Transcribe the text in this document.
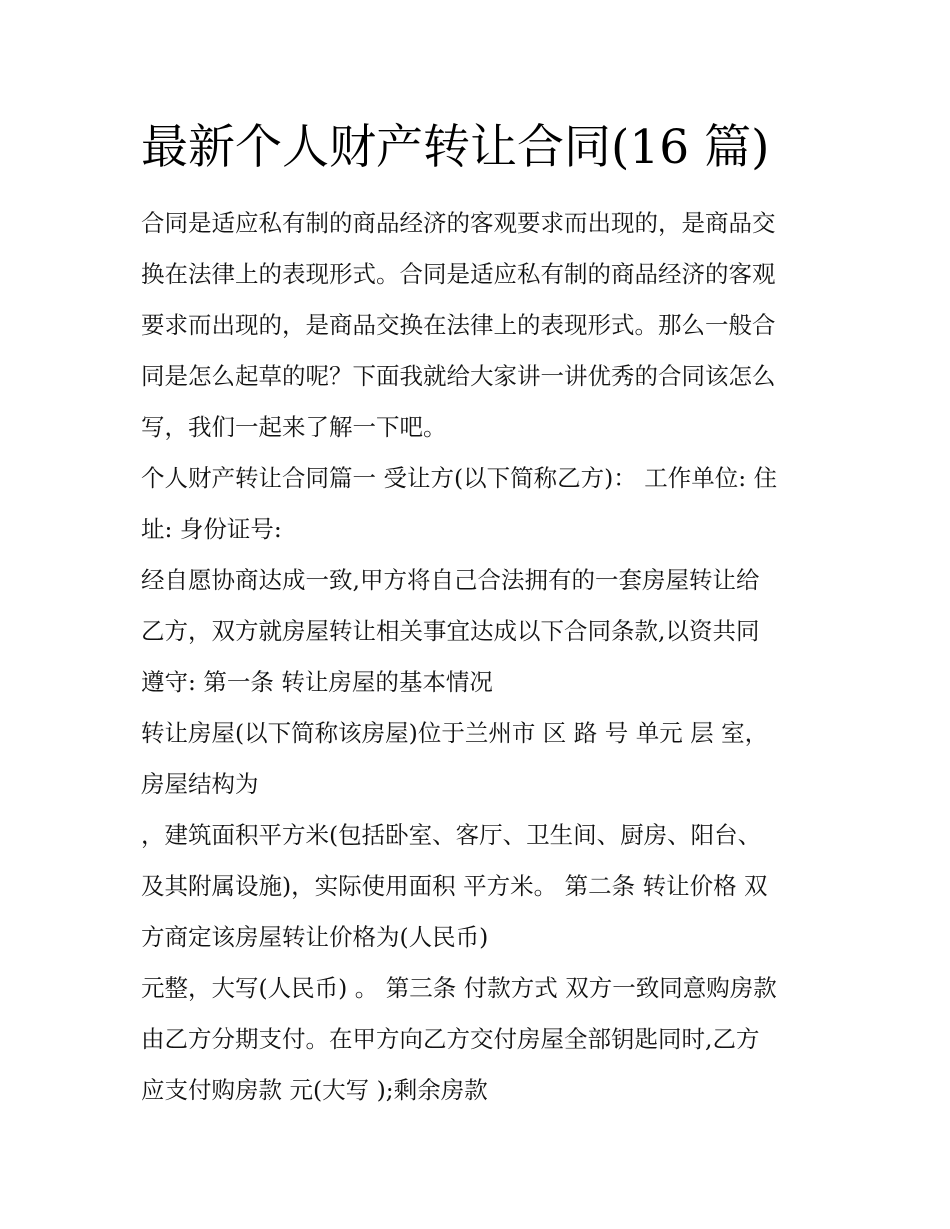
最新个人财产转让合同(16 篇)
合同是适应私有制的商品经济的客观要求而出现的，是商品交
换在法律上的表现形式。合同是适应私有制的商品经济的客观
要求而出现的，是商品交换在法律上的表现形式。那么一般合
同是怎么起草的呢？下面我就给大家讲一讲优秀的合同该怎么
写，我们一起来了解一下吧。
个人财产转让合同篇一 受让方(以下简称乙方)： 工作单位: 住
址: 身份证号:
经自愿协商达成一致,甲方将自己合法拥有的一套房屋转让给
乙方，双方就房屋转让相关事宜达成以下合同条款,以资共同
遵守: 第一条 转让房屋的基本情况
转让房屋(以下简称该房屋)位于兰州市 区 路 号 单元 层 室，
房屋结构为
，建筑面积平方米(包括卧室、客厅、卫生间、厨房、阳台、
及其附属设施)，实际使用面积 平方米。 第二条 转让价格 双
方商定该房屋转让价格为(人民币)
元整，大写(人民币) 。 第三条 付款方式 双方一致同意购房款
由乙方分期支付。在甲方向乙方交付房屋全部钥匙同时,乙方
应支付购房款 元(大写 );剩余房款
